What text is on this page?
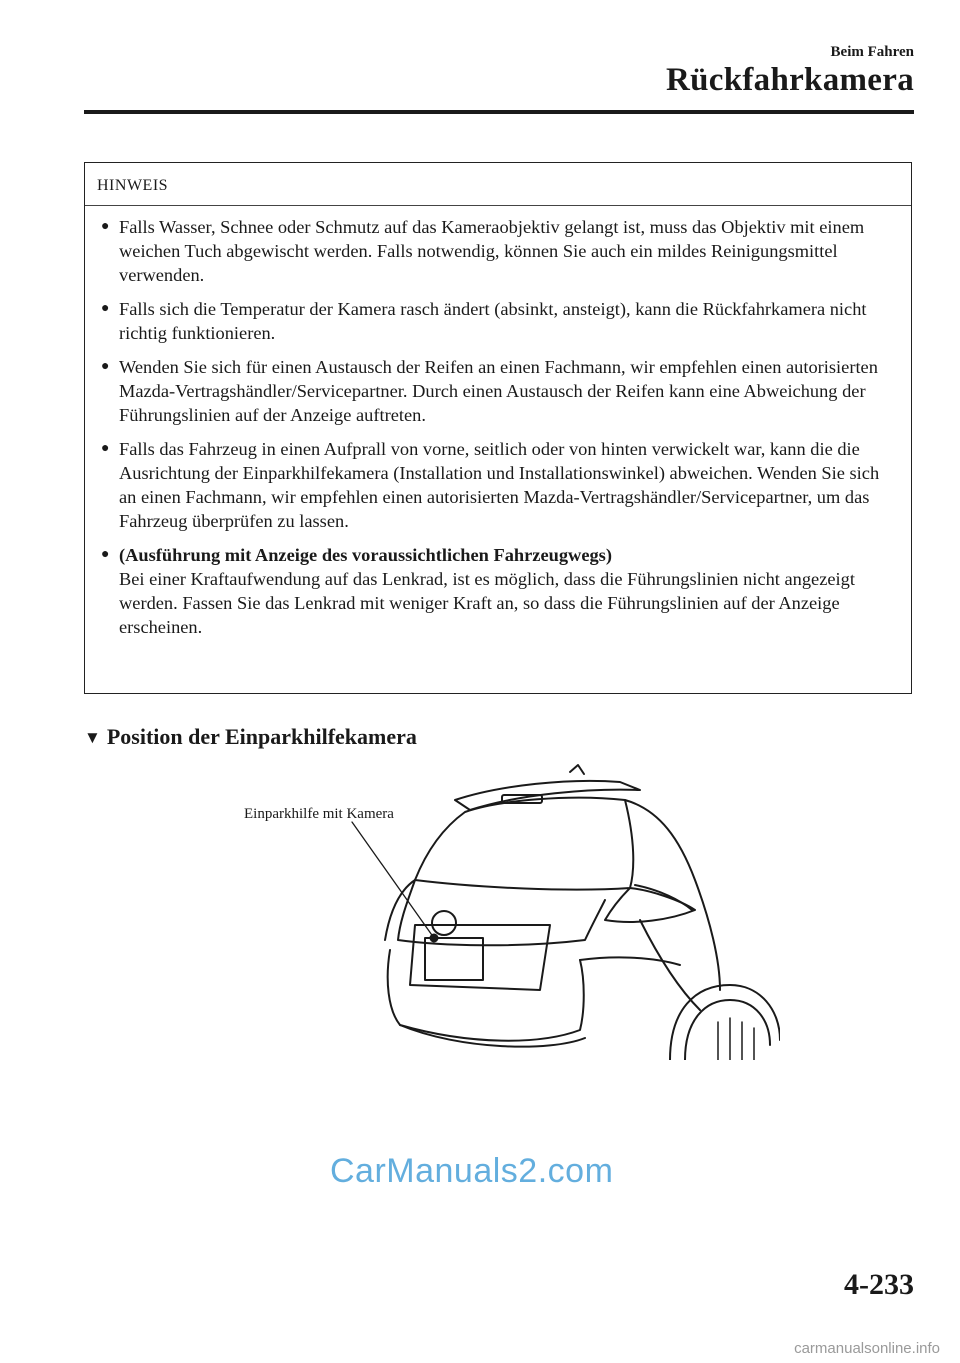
Beim Fahren
Rückfahrkamera
HINWEIS
● Falls Wasser, Schnee oder Schmutz auf das Kameraobjektiv gelangt ist, muss das Objektiv mit einem weichen Tuch abgewischt werden. Falls notwendig, können Sie auch ein mildes Reinigungsmittel verwenden.
● Falls sich die Temperatur der Kamera rasch ändert (absinkt, ansteigt), kann die Rückfahrkamera nicht richtig funktionieren.
● Wenden Sie sich für einen Austausch der Reifen an einen Fachmann, wir empfehlen einen autorisierten Mazda-Vertragshändler/Servicepartner. Durch einen Austausch der Reifen kann eine Abweichung der Führungslinien auf der Anzeige auftreten.
● Falls das Fahrzeug in einen Aufprall von vorne, seitlich oder von hinten verwickelt war, kann die die Ausrichtung der Einparkhilfekamera (Installation und Installationswinkel) abweichen. Wenden Sie sich an einen Fachmann, wir empfehlen einen autorisierten Mazda-Vertragshändler/Servicepartner, um das Fahrzeug überprüfen zu lassen.
● (Ausführung mit Anzeige des voraussichtlichen Fahrzeugwegs)
Bei einer Kraftaufwendung auf das Lenkrad, ist es möglich, dass die Führungslinien nicht angezeigt werden. Fassen Sie das Lenkrad mit weniger Kraft an, so dass die Führungslinien auf der Anzeige erscheinen.
▼ Position der Einparkhilfekamera
Einparkhilfe mit Kamera
CarManuals2.com
4-233
carmanualsonline.info
